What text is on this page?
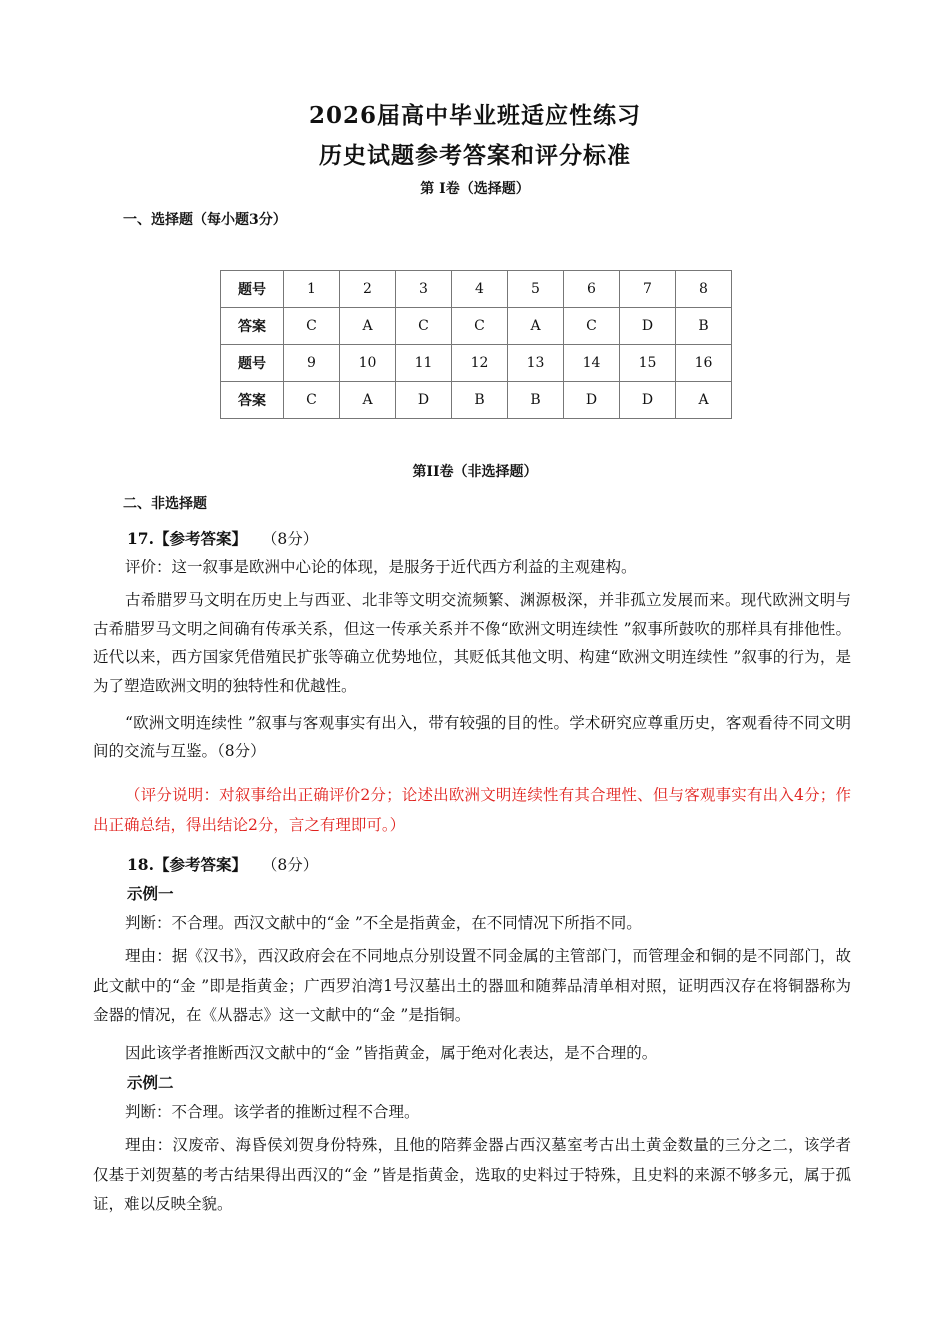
2026届高中毕业班适应性练习
历史试题参考答案和评分标准
第 I卷（选择题）
一、选择题（每小题3分）
题号	1	2	3	4	5	6	7	8
答案	C	A	C	C	A	C	D	B
题号	9	10	11	12	13	14	15	16
答案	C	A	D	B	B	D	D	A
第II卷（非选择题）
二、非选择题
17.【参考答案】 （8分）
评价：这一叙事是欧洲中心论的体现，是服务于近代西方利益的主观建构。
古希腊罗马文明在历史上与西亚、北非等文明交流频繁、渊源极深，并非孤立发展而来。现代欧洲文明与古希腊罗马文明之间确有传承关系，但这一传承关系并不像“欧洲文明连续性 ”叙事所鼓吹的那样具有排他性。近代以来，西方国家凭借殖民扩张等确立优势地位，其贬低其他文明、构建“欧洲文明连续性 ”叙事的行为，是为了塑造欧洲文明的独特性和优越性。
“欧洲文明连续性 ”叙事与客观事实有出入，带有较强的目的性。学术研究应尊重历史，客观看待不同文明间的交流与互鉴。（8分）
（评分说明：对叙事给出正确评价2分；论述出欧洲文明连续性有其合理性、但与客观事实有出入4分；作出正确总结，得出结论2分，言之有理即可。）
18.【参考答案】 （8分）
示例一
判断：不合理。西汉文献中的“金 ”不全是指黄金，在不同情况下所指不同。
理由：据《汉书》，西汉政府会在不同地点分别设置不同金属的主管部门，而管理金和铜的是不同部门，故此文献中的“金 ”即是指黄金；广西罗泊湾1号汉墓出土的器皿和随葬品清单相对照，证明西汉存在将铜器称为金器的情况，在《从器志》这一文献中的“金 ”是指铜。
因此该学者推断西汉文献中的“金 ”皆指黄金，属于绝对化表达，是不合理的。
示例二
判断：不合理。该学者的推断过程不合理。
理由：汉废帝、海昏侯刘贺身份特殊，且他的陪葬金器占西汉墓室考古出土黄金数量的三分之二，该学者仅基于刘贺墓的考古结果得出西汉的“金 ”皆是指黄金，选取的史料过于特殊，且史料的来源不够多元，属于孤证，难以反映全貌。
